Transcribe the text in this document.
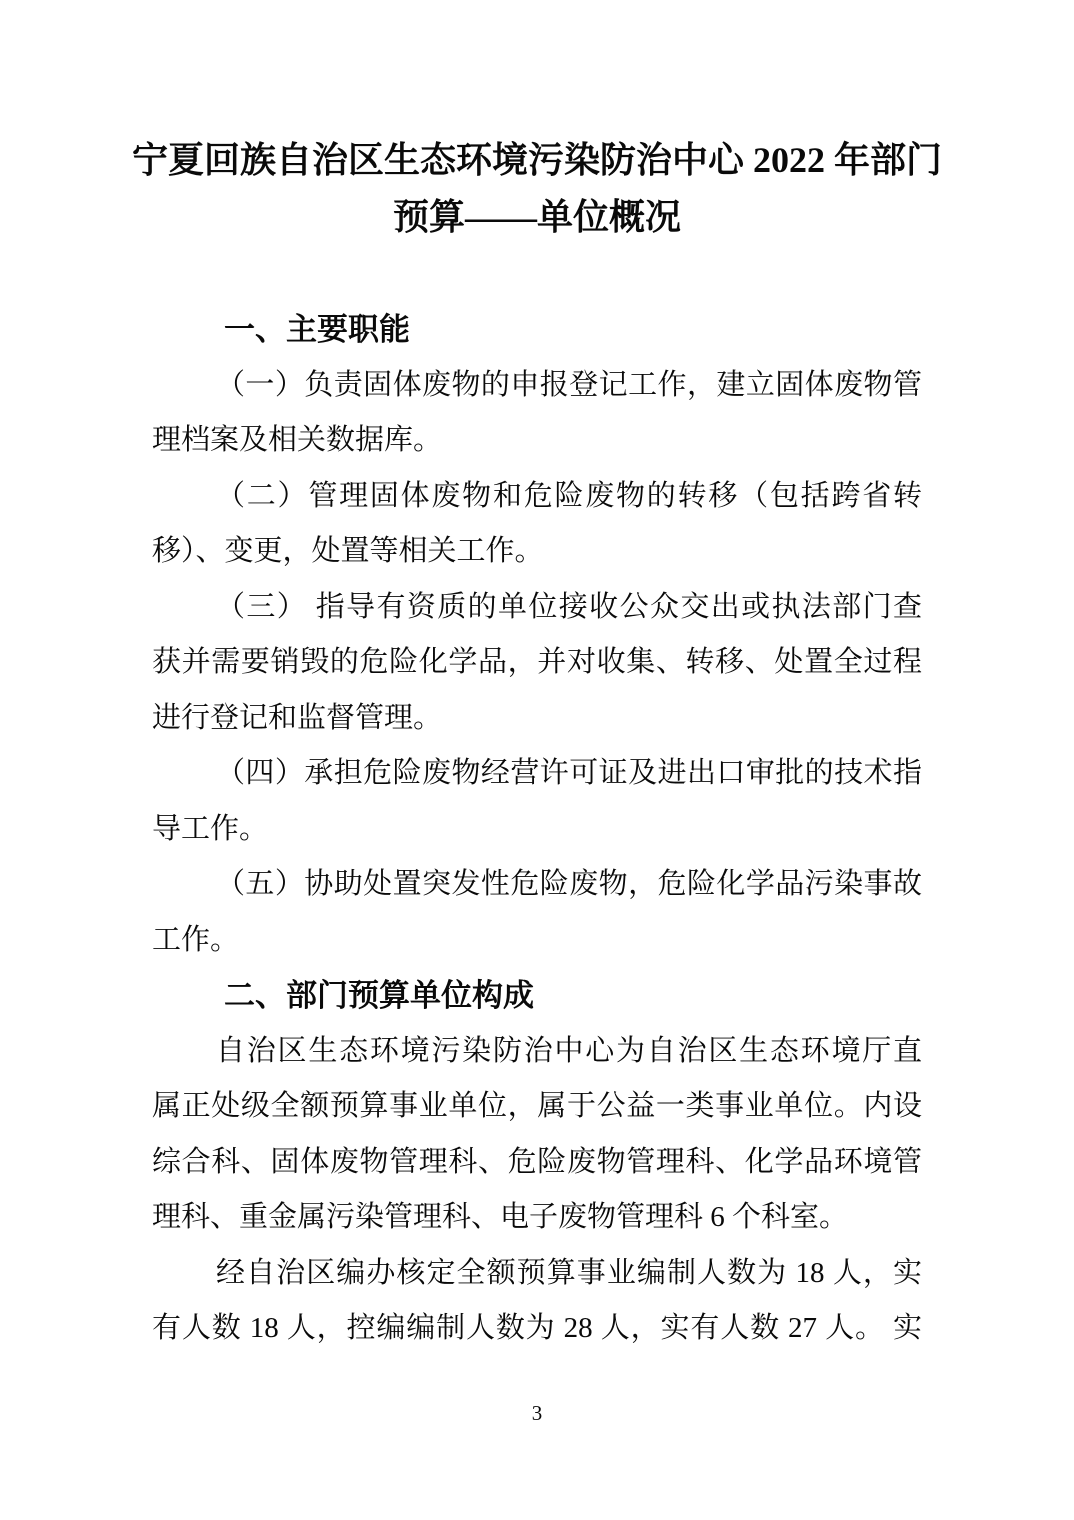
宁夏回族自治区生态环境污染防治中心 2022 年部门
预算——单位概况
一、主要职能
（一）负责固体废物的申报登记工作，建立固体废物管
理档案及相关数据库。
（二）管理固体废物和危险废物的转移（包括跨省转
移）、变更，处置等相关工作。
（三） 指导有资质的单位接收公众交出或执法部门查
获并需要销毁的危险化学品，并对收集、转移、处置全过程
进行登记和监督管理。
（四）承担危险废物经营许可证及进出口审批的技术指
导工作。
（五）协助处置突发性危险废物，危险化学品污染事故
工作。
二、部门预算单位构成
自治区生态环境污染防治中心为自治区生态环境厅直
属正处级全额预算事业单位，属于公益一类事业单位。内设
综合科、固体废物管理科、危险废物管理科、化学品环境管
理科、重金属污染管理科、电子废物管理科 6 个科室。
经自治区编办核定全额预算事业编制人数为 18 人，实
有人数 18 人，控编编制人数为 28 人，实有人数 27 人。 实
3
